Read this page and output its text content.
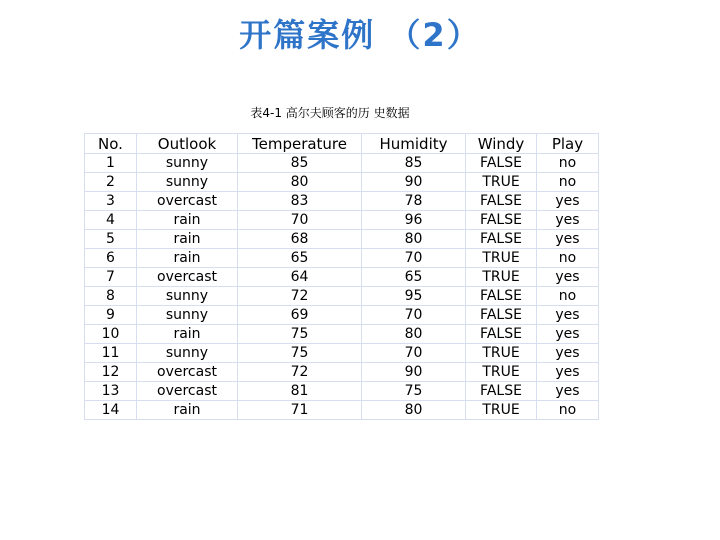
开篇案例 （2）
表4-1 高尔夫顾客的历 史数据
No.	Outlook	Temperature	Humidity	Windy	Play
1	sunny	85	85	FALSE	no
2	sunny	80	90	TRUE	no
3	overcast	83	78	FALSE	yes
4	rain	70	96	FALSE	yes
5	rain	68	80	FALSE	yes
6	rain	65	70	TRUE	no
7	overcast	64	65	TRUE	yes
8	sunny	72	95	FALSE	no
9	sunny	69	70	FALSE	yes
10	rain	75	80	FALSE	yes
11	sunny	75	70	TRUE	yes
12	overcast	72	90	TRUE	yes
13	overcast	81	75	FALSE	yes
14	rain	71	80	TRUE	no
